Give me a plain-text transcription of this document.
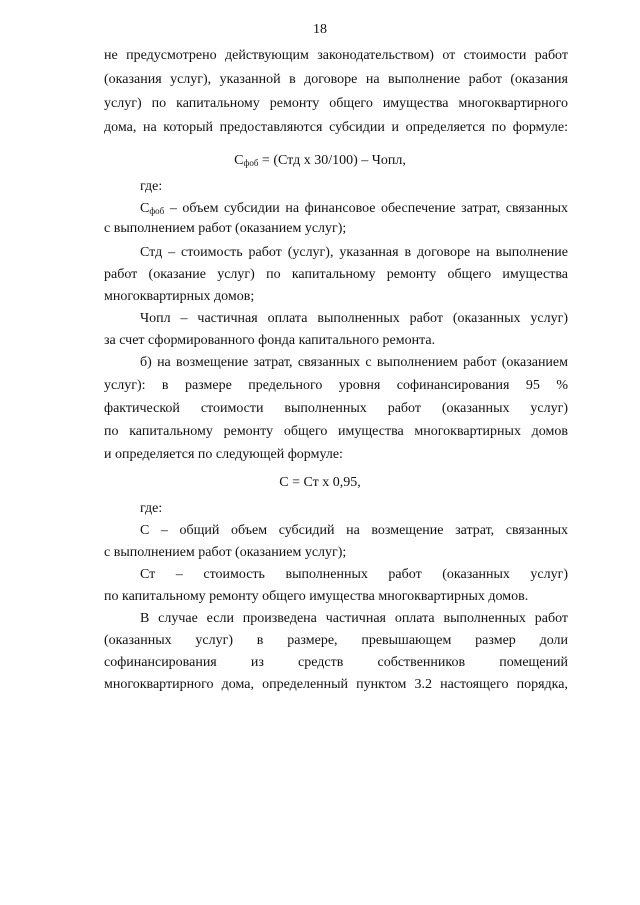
18
не предусмотрено действующим законодательством) от стоимости работ
(оказания услуг), указанной в договоре на выполнение работ (оказания
услуг) по капитальному ремонту общего имущества многоквартирного
дома, на который предоставляются субсидии и определяется по формуле:
$С_{фоб} = (Стд$ х 30/100) – Чопл,
где:
$С_{фоб}$ – объем субсидии на финансовое обеспечение затрат, связанных
с выполнением работ (оказанием услуг);
Стд – стоимость работ (услуг), указанная в договоре на выполнение
работ (оказание услуг) по капитальному ремонту общего имущества
многоквартирных домов;
Чопл – частичная оплата выполненных работ (оказанных услуг)
за счет сформированного фонда капитального ремонта.
б) на возмещение затрат, связанных с выполнением работ (оказанием
услуг): в размере предельного уровня софинансирования 95 %
фактической стоимости выполненных работ (оказанных услуг)
по капитальному ремонту общего имущества многоквартирных домов
и определяется по следующей формуле:
С = Ст х 0,95,
где:
С – общий объем субсидий на возмещение затрат, связанных
с выполнением работ (оказанием услуг);
Ст – стоимость выполненных работ (оказанных услуг)
по капитальному ремонту общего имущества многоквартирных домов.
В случае если произведена частичная оплата выполненных работ
(оказанных услуг) в размере, превышающем размер доли
софинансирования из средств собственников помещений
многоквартирного дома, определенный пунктом 3.2 настоящего порядка,
